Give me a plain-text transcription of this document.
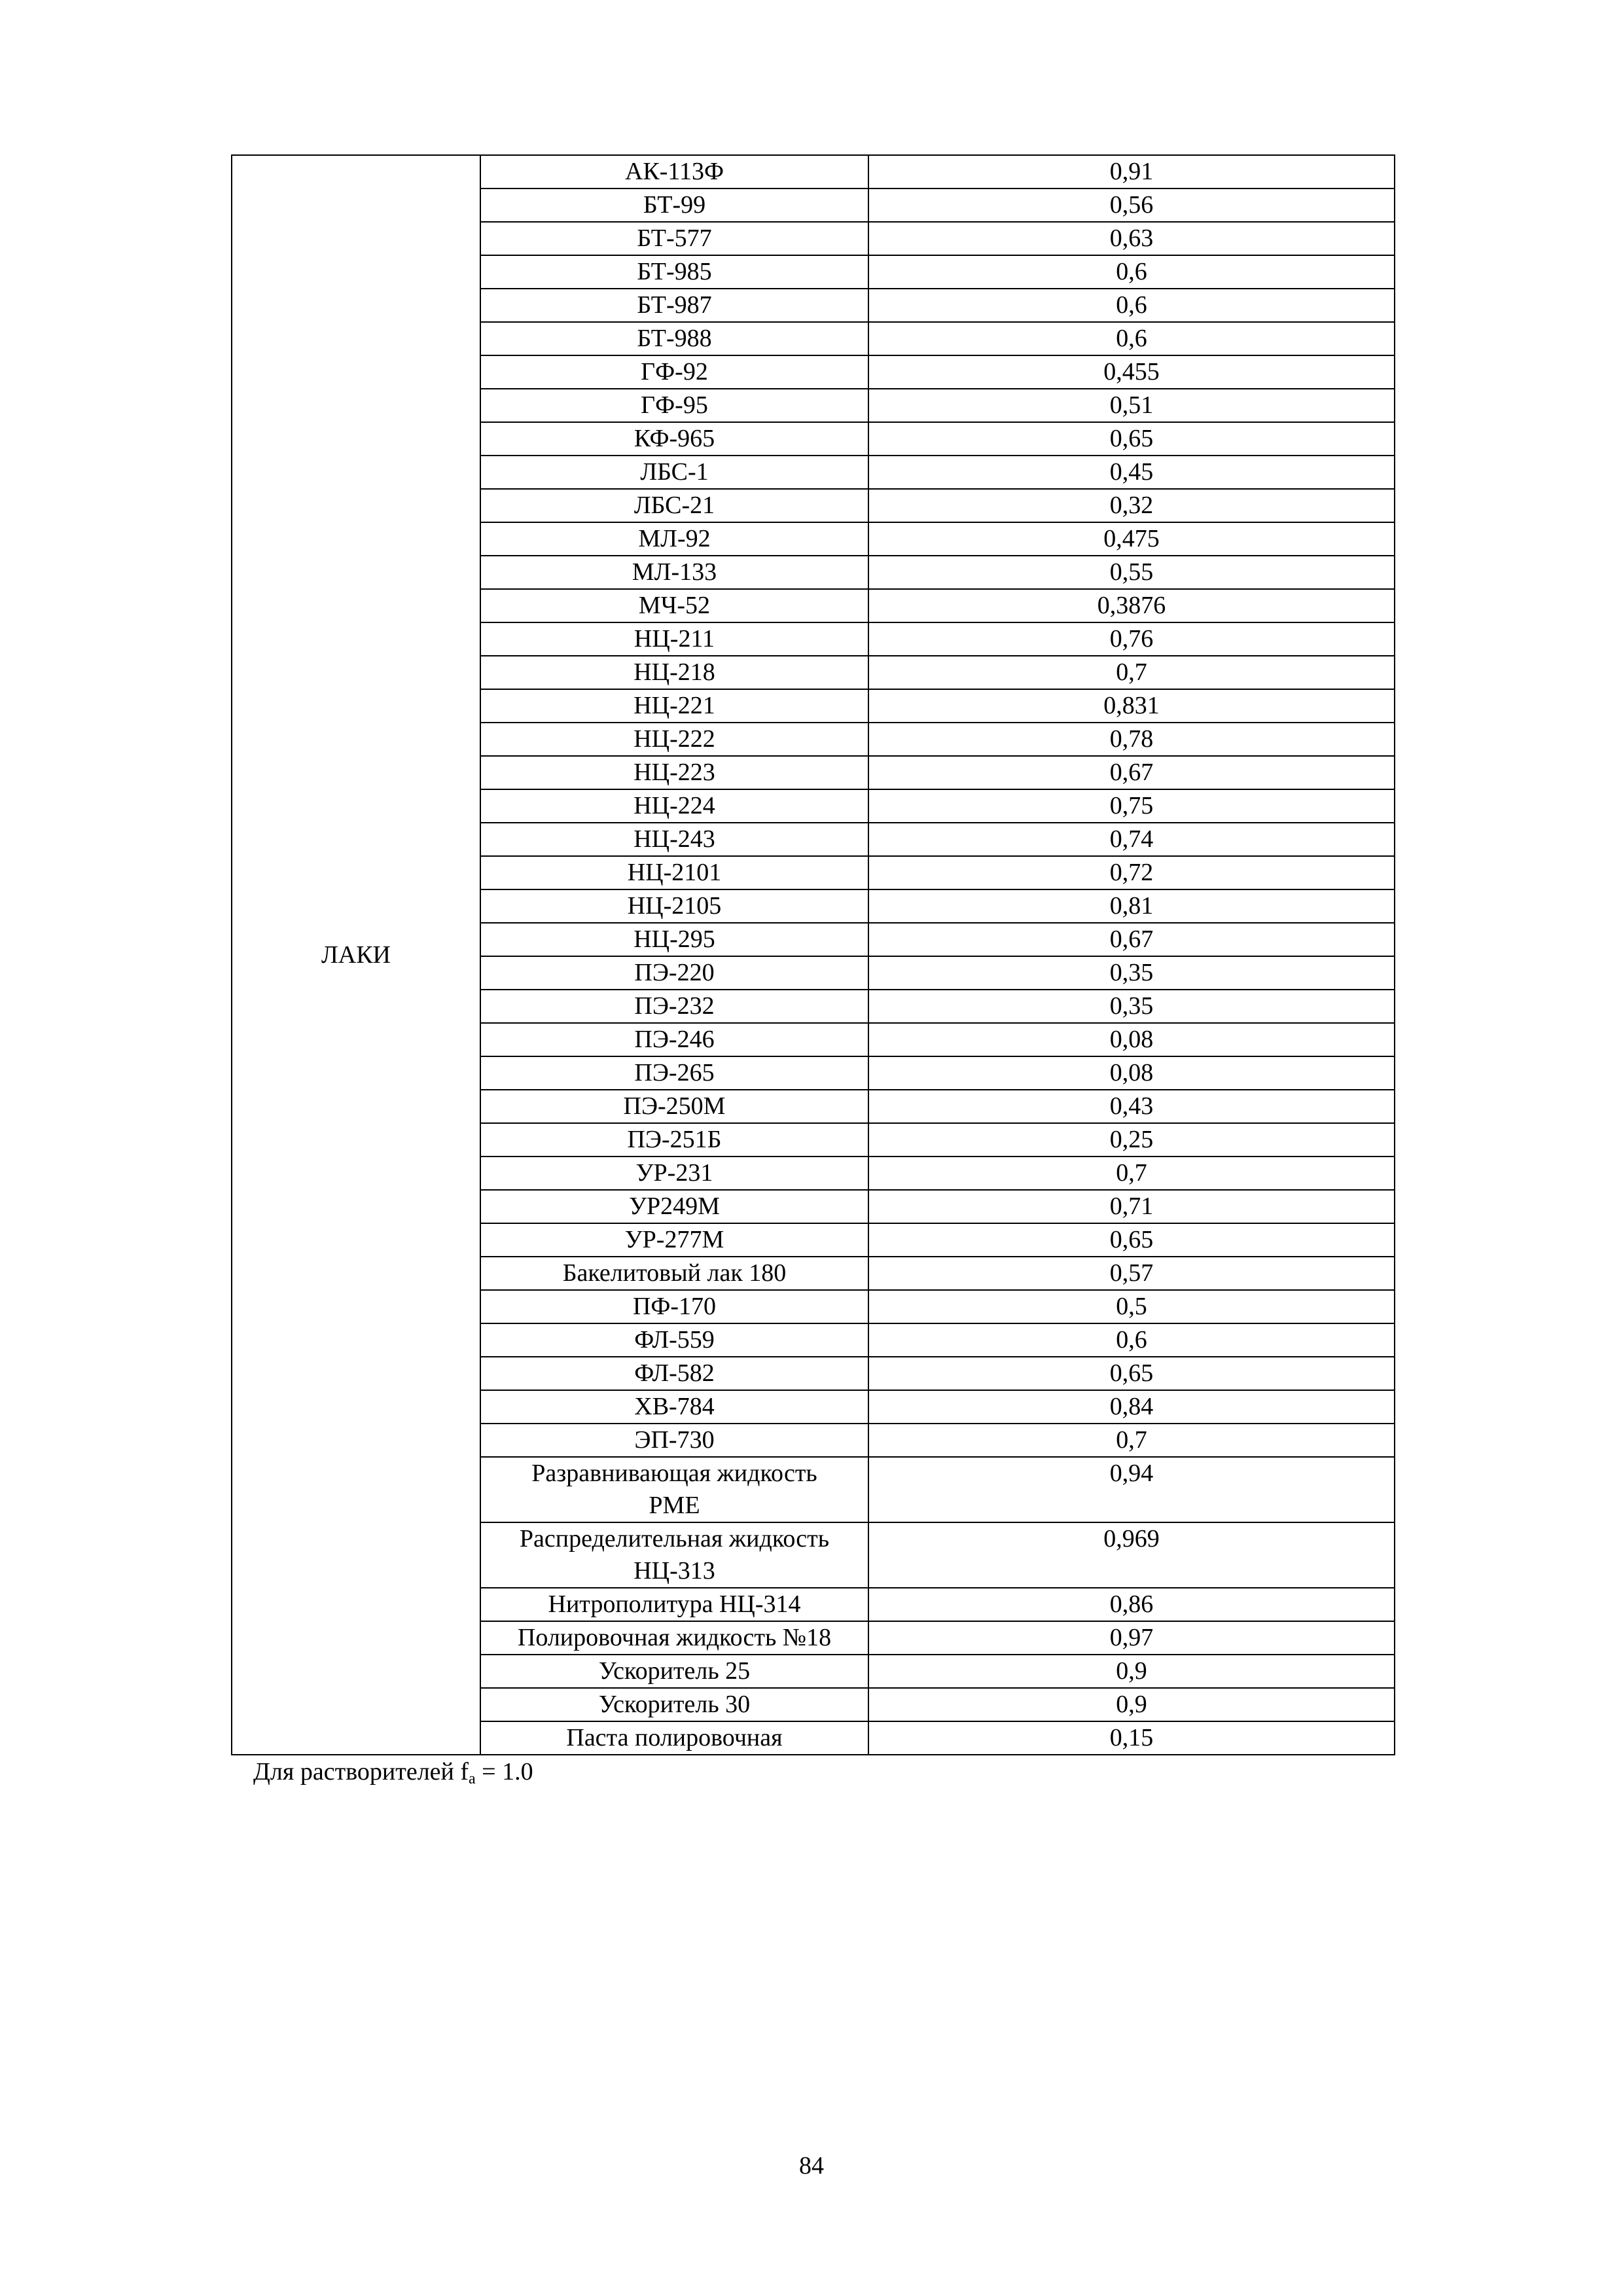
ЛАКИ	АК-113Ф	0,91
	БТ-99	0,56
	БТ-577	0,63
	БТ-985	0,6
	БТ-987	0,6
	БТ-988	0,6
	ГФ-92	0,455
	ГФ-95	0,51
	КФ-965	0,65
	ЛБС-1	0,45
	ЛБС-21	0,32
	МЛ-92	0,475
	МЛ-133	0,55
	МЧ-52	0,3876
	НЦ-211	0,76
	НЦ-218	0,7
	НЦ-221	0,831
	НЦ-222	0,78
	НЦ-223	0,67
	НЦ-224	0,75
	НЦ-243	0,74
	НЦ-2101	0,72
	НЦ-2105	0,81
	НЦ-295	0,67
	ПЭ-220	0,35
	ПЭ-232	0,35
	ПЭ-246	0,08
	ПЭ-265	0,08
	ПЭ-250М	0,43
	ПЭ-251Б	0,25
	УР-231	0,7
	УР249М	0,71
	УР-277М	0,65
	Бакелитовый лак 180	0,57
	ПФ-170	0,5
	ФЛ-559	0,6
	ФЛ-582	0,65
	ХВ-784	0,84
	ЭП-730	0,7

	Разравнивающая жидкость
РМЕ	0,94

	Распределительная жидкость
НЦ-313	0,969
	Нитрополитура НЦ-314	0,86
	Полировочная жидкость №18	0,97
	Ускоритель 25	0,9
	Ускоритель 30	0,9
	Паста полировочная	0,15
Для растворителей $f_a = 1.0$
84
